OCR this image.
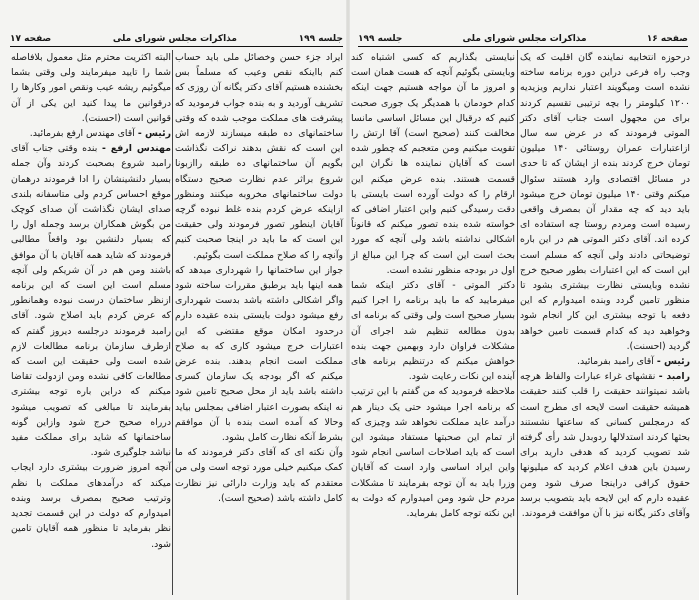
صفحه ۱۷	مذاکرات مجلس شورای ملی	جلسه ۱۹۹ جلسه ۱۹۹	مذاکرات مجلس شورای ملی	صفحه ۱۶

البته اکثریت محترم مثل معمول بلافاصله شما را تایید میفرمایند ولی وقتی بشما میگوئیم ریشه عیب ونقص امور وکارها را درقوانین ما پیدا کنید این یکی از آن قوانین است (احسنت).

رئیس - آقای مهندس ارفع بفرمائید.

مهندس ارفع - بنده وقتی جناب آقای رامبد شروع بصحبت کردند وآن جمله بسیار دلنشینشان را ادا فرمودند درهمان موقع احساس کردم ولی متاسفانه بلندی صدای ایشان نگذاشت آن صدای کوچک من بگوش همکاران برسد وجمله اول را که بسیار دلنشین بود واقعاً مطالبی فرمودند که شاید همه آقایان با آن موافق باشند ومن هم در آن شریکم ولی آنچه مسلم است این است که این برنامه ازنظر ساختمان درست نبوده وهمانطور که عرض کردم باید اصلاح شود. آقای رامبد فرمودند درجلسه دیروز گفتم که ازطرف سازمان برنامه مطالعات لازم شده است ولی حقیقت این است که مطالعات کافی نشده ومن ازدولت تقاضا میکنم که دراین باره توجه بیشتری بفرمایند تا مبالغی که تصویب میشود درراه صحیح خرج شود وازاین گونه ساختمانها که شاید برای مملکت مفید نباشد جلوگیری شود.

آنچه امروز ضرورت بیشتری دارد ایجاب میکند که درآمدهای مملکت با نظم وترتیب صحیح بمصرف برسد وبنده امیدوارم که دولت در این قسمت تجدید نظر بفرماید تا منظور همه آقایان تامین شود.

ایراد جزء حسن وخصائل ملی باید حساب کنم بااینکه نقص وعیب که مسلماً بس بخشنده هستیم آقای دکتر یگانه آن روزی که تشریف آوردید و به بنده جواب فرمودید که پیشرفت های مملکت موجب شده که وقتی ساختمانهای ده طبقه میسازند لازمه اش این است که نقش بدهند نراکت نگذاشت بگویم آن ساختمانهای ده طبقه راازبونا شروع براثر عدم نظارت صحیح دستگاه دولت ساختمانهای مخروبه میکنند ومنظور ازاینکه عرض کردم بنده غلط نبوده گرچه آقایان اینطور تصور فرمودند ولی حقیقت این است که ما باید در اینجا صحبت کنیم وآنچه را که صلاح مملکت است بگوئیم.

جواز این ساختمانها را شهرداری میدهد که همه اینها باید برطبق مقررات ساخته شود واگر اشکالی داشته باشد بدست شهرداری رفع میشود دولت بایستی بنده عقیده دارم درحدود امکان موقع مقتضی که این اعتبارات خرج میشود کاری که به صلاح مملکت است انجام بدهند. بنده عرض میکنم که اگر بودجه یک سازمان کسری داشته باشد باید از محل صحیح تامین شود نه اینکه بصورت اعتبار اضافی بمجلس بیاید وحالا که آمده است بنده با آن موافقم بشرط آنکه نظارت کامل بشود.

وآن نکته ای که آقای دکتر فرمودند که ما کمک میکنیم خیلی مورد توجه است ولی من معتقدم که باید وزارت دارائی نیز نظارت کامل داشته باشد (صحیح است).

نبایستی بگذاریم که کسی اشتباه کند وبایستی بگوئیم آنچه که هست همان است و امروز ما آن مواجه هستیم جهت اینکه کدام خودمان با همدیگر یک جوری صحبت کنیم که درقبال این مسائل اساسی مانسا مخالفت کنند (صحیح است) آقا ارتش را تقویت میکنیم ومن متعجبم که چطور شده است که آقایان نماینده ها نگران این قسمت هستند. بنده عرض میکنم این ارقام را که دولت آورده است بایستی با دقت رسیدگی کنیم واین اعتبار اضافی که خواسته شده بنده تصور میکنم که قانوناً اشکالی نداشته باشد ولی آنچه که مورد بحث است این است که چرا این مبالغ از اول در بودجه منظور نشده است.

دکتر الموتی - آقای دکتر اینکه شما میفرمایید که ما باید برنامه را اجرا کنیم بسیار صحیح است ولی وقتی که برنامه ای بدون مطالعه تنظیم شد اجرای آن مشکلات فراوان دارد وبهمین جهت بنده خواهش میکنم که درتنظیم برنامه های آینده این نکات رعایت شود.

ملاحظه فرمودید که من گفتم با این ترتیب که برنامه اجرا میشود حتی یک دینار هم درآمد عاید مملکت نخواهد شد وچیزی که از تمام این صحبتها مستفاد میشود این است که باید اصلاحات اساسی انجام شود واین ایراد اساسی وارد است که آقایان وزرا باید به آن توجه بفرمایند تا مشکلات مردم حل شود ومن امیدوارم که دولت به این نکته توجه کامل بفرماید.

درحوزه انتخابیه نماینده گان اقلیت که یک وجب راه فرعی دراین دوره برنامه ساخته نشده است ومیگویند اعتبار نداریم ویزیدیه ۱۲۰۰ کیلومتر را بچه ترتیبی تقسیم کردند برای من مجهول است جناب آقای دکتر الموتی فرمودند که در عرض سه سال ازاعتبارات عمران روستائی ۱۴۰ میلیون تومان خرج کردند بنده از ایشان که تا حدی در مسائل اقتصادی وارد هستند سئوال میکنم وقتی ۱۴۰ میلیون تومان خرج میشود باید دید که چه مقدار آن بمصرف واقعی رسیده است ومردم روستا چه استفاده ای کرده اند. آقای دکتر الموتی هم در این باره توضیحاتی دادند ولی آنچه که مسلم است این است که این اعتبارات بطور صحیح خرج نشده وبایستی نظارت بیشتری بشود تا منظور تامین گردد وبنده امیدوارم که این دفعه با توجه بیشتری این کار انجام شود وخواهید دید که کدام قسمت تامین خواهد گردید (احسنت).

رئیس - آقای رامبد بفرمائید.

رامبد - نقشهای غراء عبارات والفاظ هرچه باشد نمیتوانند حقیقت را قلب کنند حقیقت همیشه حقیقت است لایحه ای مطرح است که درمجلس کسانی که ساعتها نشستند بحثها کردند استدلالها ردوبدل شد رأی گرفته شد تصویب کردید که هدفی دارید برای رسیدن باین هدف اعلام کردید که میلیونها حقوق کرافی دراینجا صرف شود ومن عقیده دارم که این لایحه باید بتصویب برسد وآقای دکتر یگانه نیز با آن موافقت فرمودند.
